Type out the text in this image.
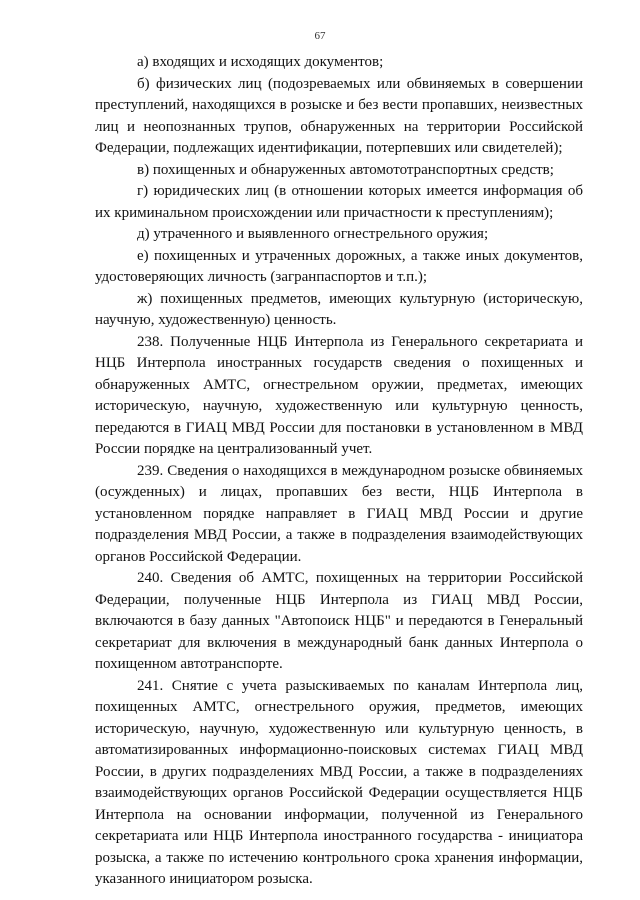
67

а) входящих и исходящих документов;

б) физических лиц (подозреваемых или обвиняемых в совершении преступлений, находящихся в розыске и без вести пропавших, неизвестных лиц и неопознанных трупов, обнаруженных на территории Российской Федерации, подлежащих идентификации, потерпевших или свидетелей);

в) похищенных и обнаруженных автомототранспортных средств;

г) юридических лиц (в отношении которых имеется информация об их криминальном происхождении или причастности к преступлениям);

д) утраченного и выявленного огнестрельного оружия;

е) похищенных и утраченных дорожных, а также иных документов, удостоверяющих личность (загранпаспортов и т.п.);

ж) похищенных предметов, имеющих культурную (историческую, научную, художественную) ценность.

238. Полученные НЦБ Интерпола из Генерального секретариата и НЦБ Интерпола иностранных государств сведения о похищенных и обнаруженных АМТС, огнестрельном оружии, предметах, имеющих историческую, научную, художественную или культурную ценность, передаются в ГИАЦ МВД России для постановки в установленном в МВД России порядке на централизованный учет.

239. Сведения о находящихся в международном розыске обвиняемых (осужденных) и лицах, пропавших без вести, НЦБ Интерпола в установленном порядке направляет в ГИАЦ МВД России и другие подразделения МВД России, а также в подразделения взаимодействующих органов Российской Федерации.

240. Сведения об АМТС, похищенных на территории Российской Федерации, полученные НЦБ Интерпола из ГИАЦ МВД России, включаются в базу данных "Автопоиск НЦБ" и передаются в Генеральный секретариат для включения в международный банк данных Интерпола о похищенном автотранспорте.

241. Снятие с учета разыскиваемых по каналам Интерпола лиц, похищенных АМТС, огнестрельного оружия, предметов, имеющих историческую, научную, художественную или культурную ценность, в автоматизированных информационно-поисковых системах ГИАЦ МВД России, в других подразделениях МВД России, а также в подразделениях взаимодействующих органов Российской Федерации осуществляется НЦБ Интерпола на основании информации, полученной из Генерального секретариата или НЦБ Интерпола иностранного государства - инициатора розыска, а также по истечению контрольного срока хранения информации, указанного инициатором розыска.
